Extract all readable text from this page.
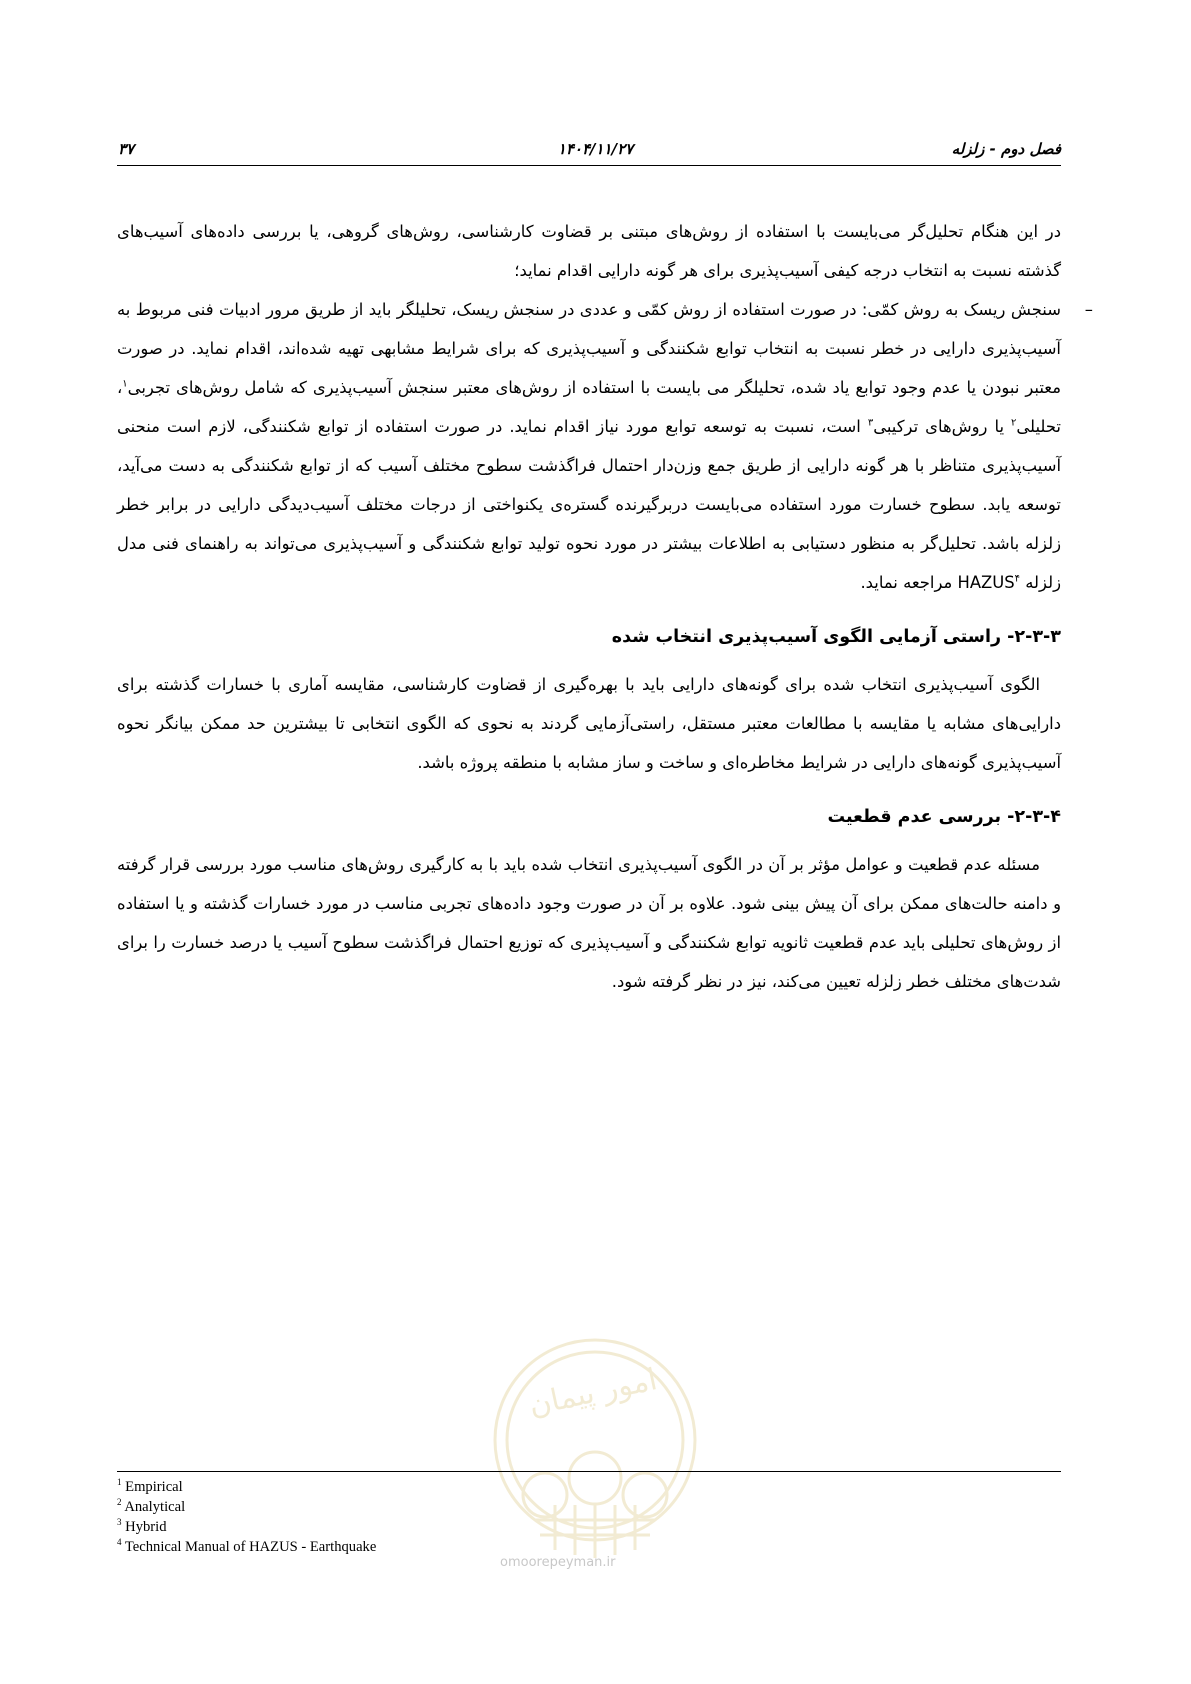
فصل دوم - زلزله
۱۴۰۴/۱۱/۲۷
۳۷

در این هنگام تحلیل‌گر می‌بایست با استفاده از روش‌های مبتنی بر قضاوت کارشناسی، روش‌های گروهی، یا بررسی داده‌های آسیب‌های گذشته نسبت به انتخاب درجه کیفی آسیب‌پذیری برای هر گونه دارایی اقدام نماید؛

–
سنجش ریسک به روش کمّی: در صورت استفاده از روش کمّی و عددی در سنجش ریسک، تحلیلگر باید از طریق مرور ادبیات فنی مربوط به آسیب‌پذیری دارایی در خطر نسبت به انتخاب توابع شکنندگی و آسیب‌پذیری که برای شرایط مشابهی تهیه شده‌اند، اقدام نماید. در صورت معتبر نبودن یا عدم وجود توابع یاد شده، تحلیلگر می بایست با استفاده از روش‌های معتبر سنجش آسیب‌پذیری که شامل روش‌های تجربی$^۱$، تحلیلی$^۲$ یا روش‌های ترکیبی$^۳$ است، نسبت به توسعه توابع مورد نیاز اقدام نماید. در صورت استفاده از توابع شکنندگی، لازم است منحنی آسیب‌پذیری متناظر با هر گونه دارایی از طریق جمع وزن‌دار احتمال فراگذشت سطوح مختلف آسیب که از توابع شکنندگی به دست می‌آید، توسعه یابد. سطوح خسارت مورد استفاده می‌بایست دربرگیرنده گستره‌ی یکنواختی از درجات مختلف آسیب‌دیدگی دارایی در برابر خطر زلزله باشد. تحلیل‌گر به منظور دستیابی به اطلاعات بیشتر در مورد نحوه تولید توابع شکنندگی و آسیب‌پذیری می‌تواند به راهنمای فنی مدل زلزله HAZUS$^۴$ مراجعه نماید.

۲-۳-۳- راستی آزمایی الگوی آسیب‌پذیری انتخاب شده

الگوی آسیب‌پذیری انتخاب شده برای گونه‌های دارایی باید با بهره‌گیری از قضاوت کارشناسی، مقایسه آماری با خسارات گذشته برای دارایی‌های مشابه یا مقایسه با مطالعات معتبر مستقل، راستی‌آزمایی گردند به نحوی که الگوی انتخابی تا بیشترین حد ممکن بیانگر نحوه آسیب‌پذیری گونه‌های دارایی در شرایط مخاطره‌ای و ساخت و ساز مشابه با منطقه پروژه باشد.

۲-۳-۴- بررسی عدم قطعیت

مسئله عدم قطعیت و عوامل مؤثر بر آن در الگوی آسیب‌پذیری انتخاب شده باید با به کارگیری روش‌های مناسب مورد بررسی قرار گرفته و دامنه حالت‌های ممکن برای آن پیش بینی شود. علاوه بر آن در صورت وجود داده‌های تجربی مناسب در مورد خسارات گذشته و یا استفاده از روش‌های تحلیلی باید عدم قطعیت ثانویه توابع شکنندگی و آسیب‌پذیری که توزیع احتمال فراگذشت سطوح آسیب یا درصد خسارت را برای شدت‌های مختلف خطر زلزله تعیین می‌کند، نیز در نظر گرفته شود.

امور پیمان
omoorepeyman.ir
$^1$ Empirical
$^2$ Analytical
$^3$ Hybrid
$^4$ Technical Manual of HAZUS - Earthquake
